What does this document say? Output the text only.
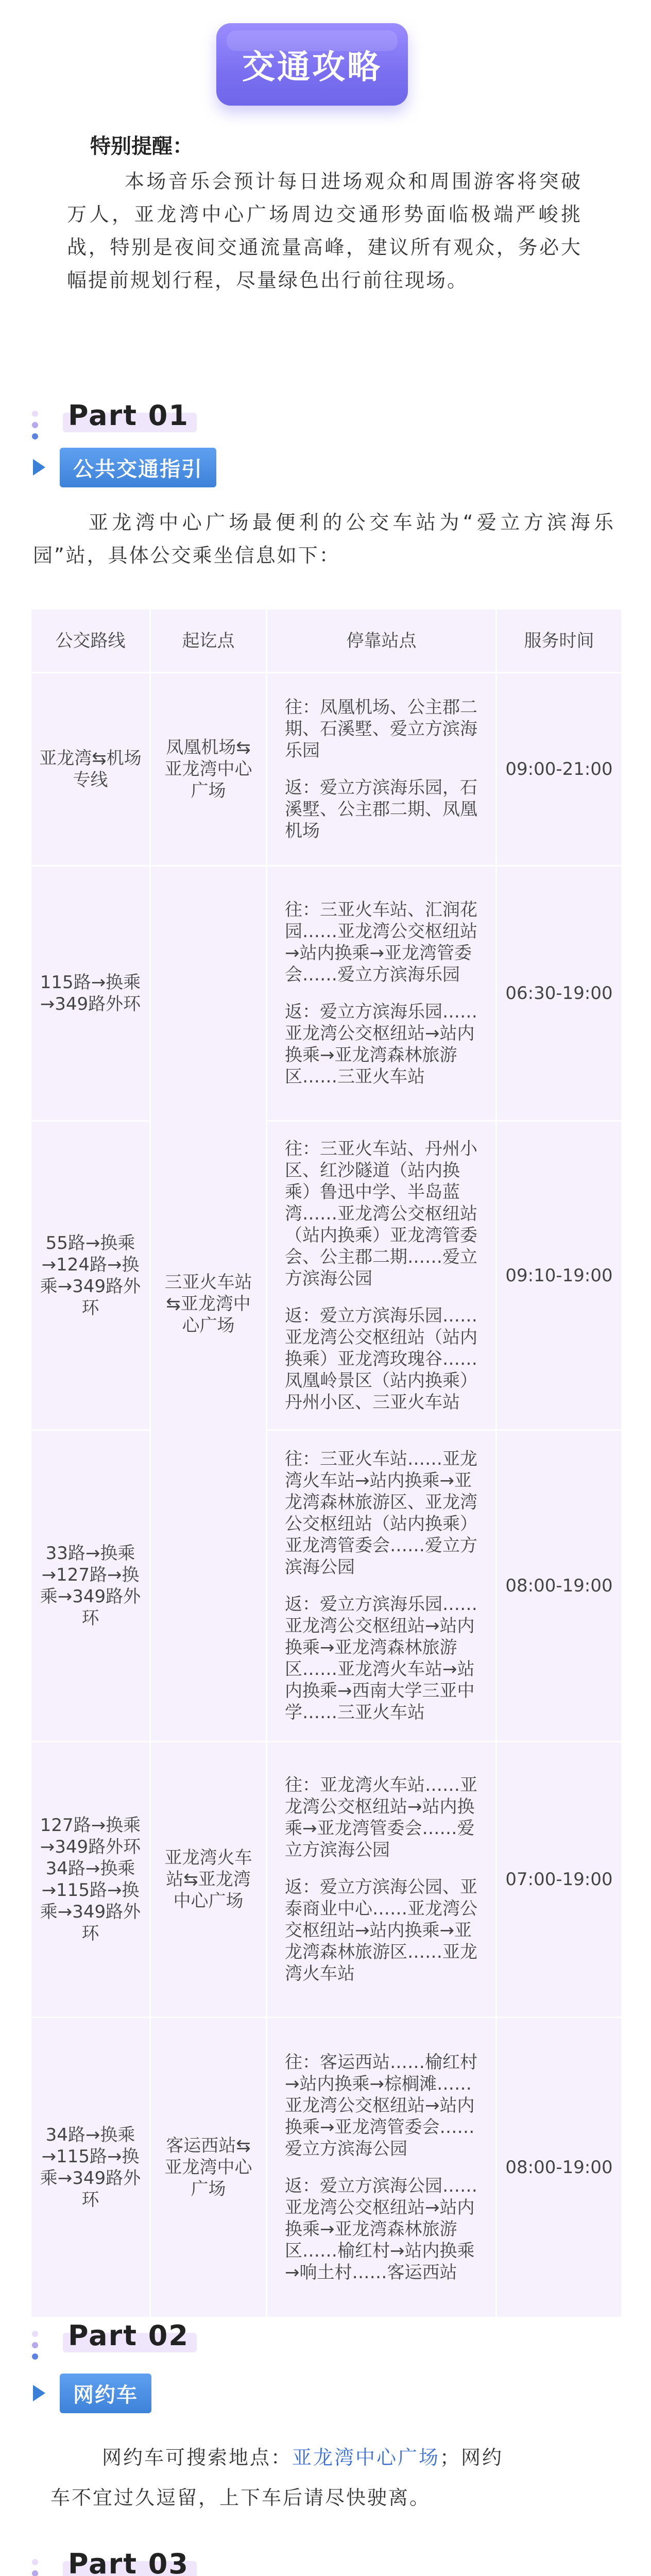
交通攻略
特别提醒：
本场音乐会预计每日进场观众和周围游客将突破万人，亚龙湾中心广场周边交通形势面临极端严峻挑战，特别是夜间交通流量高峰，建议所有观众，务必大幅提前规划行程，尽量绿色出行前往现场。
Part 01
公共交通指引
亚龙湾中心广场最便利的公交车站为“爱立方滨海乐园”站，具体公交乘坐信息如下：
公交路线	起讫点	停靠站点	服务时间
亚龙湾⇆机场专线	凤凰机场⇆亚龙湾中心广场	往：凤凰机场、公主郡二期、石溪墅、爱立方滨海乐园

返：爱立方滨海乐园，石溪墅、公主郡二期、凤凰机场	09:00-21:00
115路→换乘→349路外环	三亚火车站⇆亚龙湾中心广场	往：三亚火车站、汇润花园……亚龙湾公交枢纽站→站内换乘→亚龙湾管委会……爱立方滨海乐园

返：爱立方滨海乐园……亚龙湾公交枢纽站→站内换乘→亚龙湾森林旅游区……三亚火车站	06:30-19:00
55路→换乘→124路→换乘→349路外环		往：三亚火车站、丹州小区、红沙隧道（站内换乘）鲁迅中学、半岛蓝湾……亚龙湾公交枢纽站（站内换乘）亚龙湾管委会、公主郡二期……爱立方滨海公园

返：爱立方滨海乐园……亚龙湾公交枢纽站（站内换乘）亚龙湾玫瑰谷……凤凰岭景区（站内换乘）丹州小区、三亚火车站	09:10-19:00
33路→换乘→127路→换乘→349路外环		往：三亚火车站……亚龙湾火车站→站内换乘→亚龙湾森林旅游区、亚龙湾公交枢纽站（站内换乘）亚龙湾管委会……爱立方滨海公园

返：爱立方滨海乐园……亚龙湾公交枢纽站→站内换乘→亚龙湾森林旅游区……亚龙湾火车站→站内换乘→西南大学三亚中学……三亚火车站	08:00-19:00
127路→换乘→349路外环34路→换乘→115路→换乘→349路外环	亚龙湾火车站⇆亚龙湾中心广场	往：亚龙湾火车站……亚龙湾公交枢纽站→站内换乘→亚龙湾管委会……爱立方滨海公园

返：爱立方滨海公园、亚泰商业中心……亚龙湾公交枢纽站→站内换乘→亚龙湾森林旅游区……亚龙湾火车站	07:00-19:00
34路→换乘→115路→换乘→349路外环	客运西站⇆亚龙湾中心广场	往：客运西站……榆红村→站内换乘→棕榈滩……亚龙湾公交枢纽站→站内换乘→亚龙湾管委会……爱立方滨海公园

返：爱立方滨海公园……亚龙湾公交枢纽站→站内换乘→亚龙湾森林旅游区……榆红村→站内换乘→响土村……客运西站	08:00-19:00
Part 02
网约车
网约车可搜索地点：亚龙湾中心广场；网约
车不宜过久逗留，上下车后请尽快驶离。
Part 03
